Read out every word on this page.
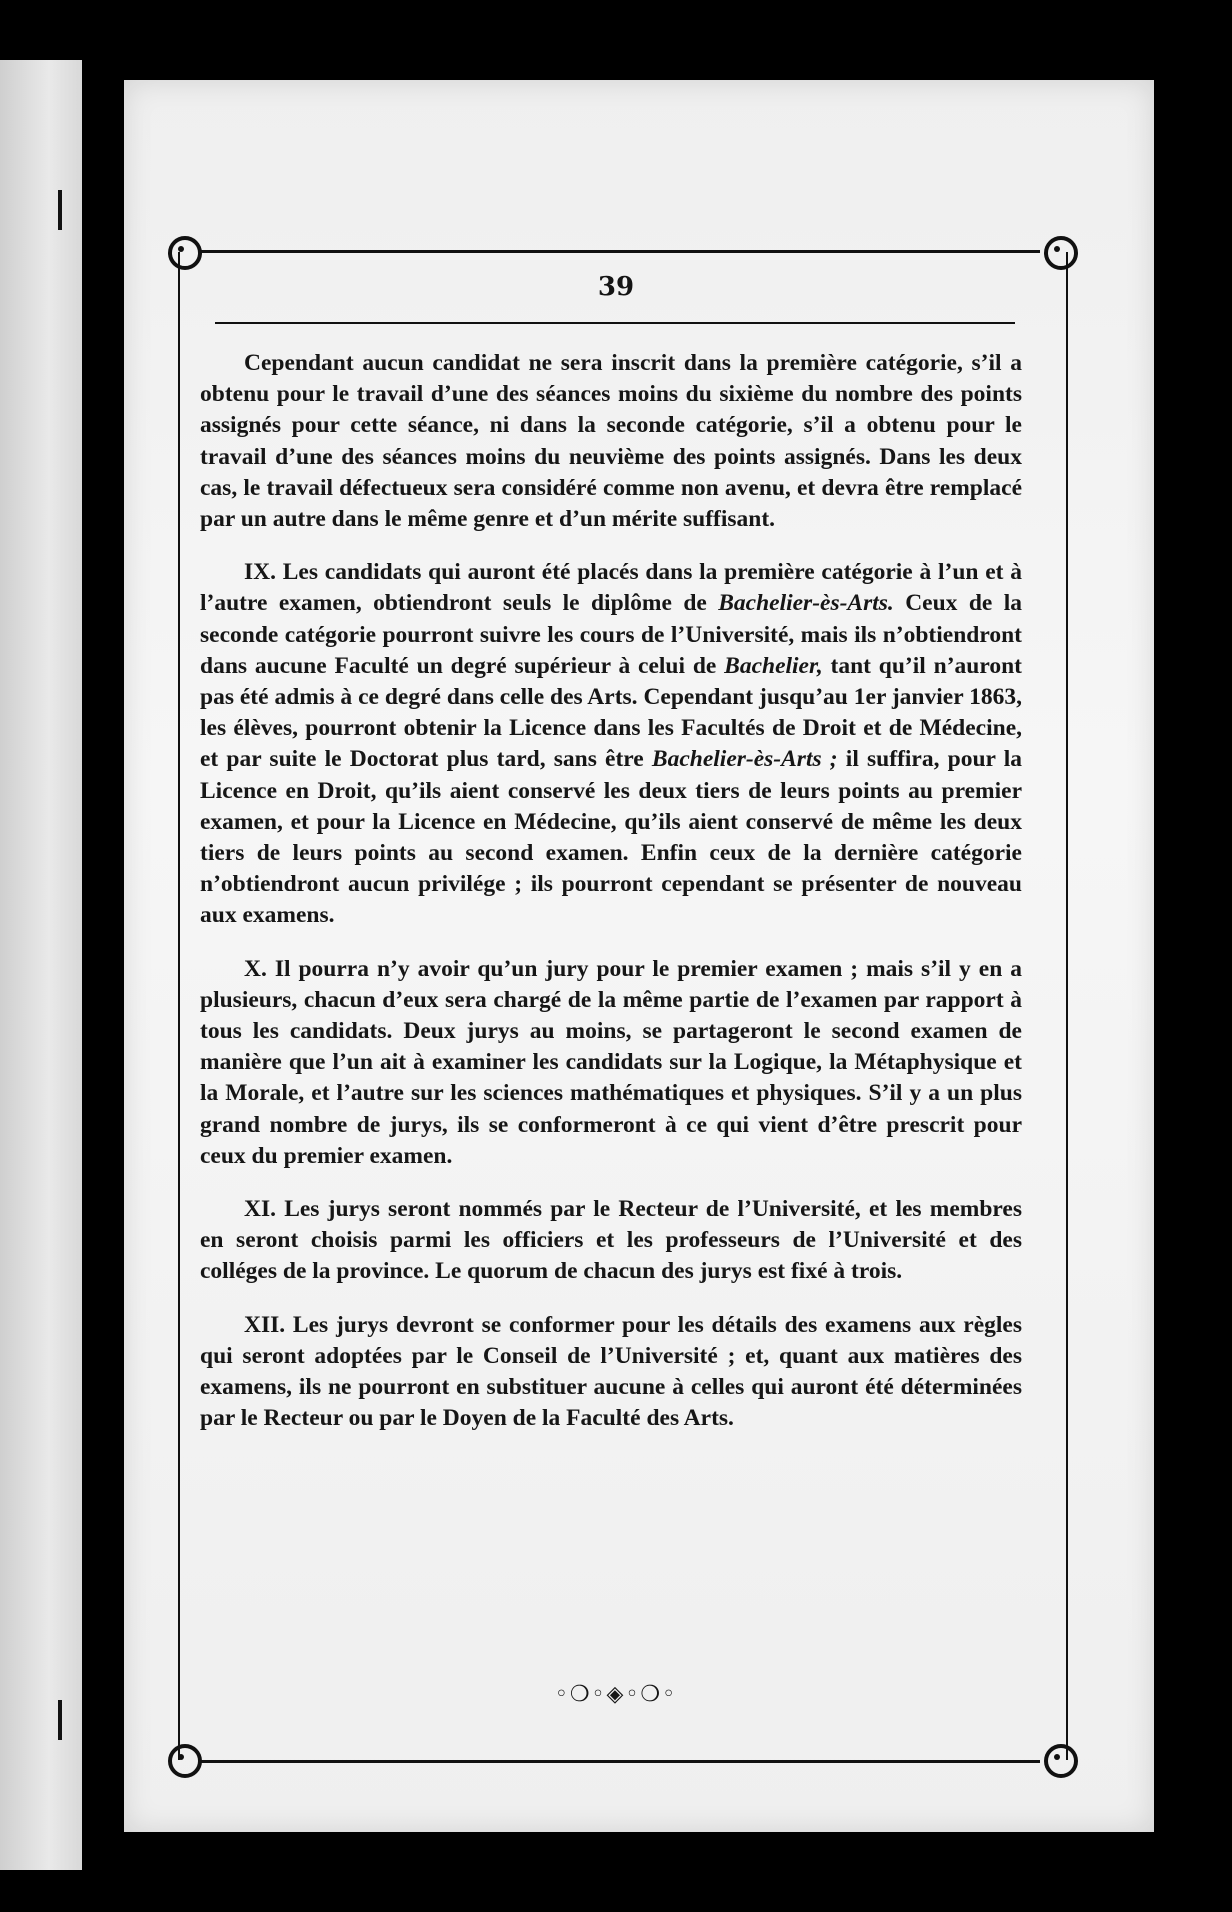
39

Cependant aucun candidat ne sera inscrit dans la première catégorie, s’il a obtenu pour le travail d’une des séances moins du sixième du nombre des points assignés pour cette séance, ni dans la seconde catégorie, s’il a obtenu pour le travail d’une des séances moins du neuvième des points assignés. Dans les deux cas, le travail défectueux sera considéré comme non avenu, et devra être remplacé par un autre dans le même genre et d’un mérite suffisant.

IX. Les candidats qui auront été placés dans la première catégorie à l’un et à l’autre examen, obtiendront seuls le diplôme de Bachelier-ès-Arts. Ceux de la seconde catégorie pourront suivre les cours de l’Université, mais ils n’obtiendront dans aucune Faculté un degré supérieur à celui de Bachelier, tant qu’il n’auront pas été admis à ce degré dans celle des Arts. Cependant jusqu’au 1er janvier 1863, les élèves, pourront obtenir la Licence dans les Facultés de Droit et de Médecine, et par suite le Doctorat plus tard, sans être Bachelier-ès-Arts ; il suffira, pour la Licence en Droit, qu’ils aient conservé les deux tiers de leurs points au premier examen, et pour la Licence en Médecine, qu’ils aient conservé de même les deux tiers de leurs points au second examen. Enfin ceux de la dernière catégorie n’obtiendront aucun privilége ; ils pourront cependant se présenter de nouveau aux examens.

X. Il pourra n’y avoir qu’un jury pour le premier examen ; mais s’il y en a plusieurs, chacun d’eux sera chargé de la même partie de l’examen par rapport à tous les candidats. Deux jurys au moins, se partageront le second examen de manière que l’un ait à examiner les candidats sur la Logique, la Métaphysique et la Morale, et l’autre sur les sciences mathématiques et physiques. S’il y a un plus grand nombre de jurys, ils se conformeront à ce qui vient d’être prescrit pour ceux du premier examen.

XI. Les jurys seront nommés par le Recteur de l’Université, et les membres en seront choisis parmi les officiers et les professeurs de l’Université et des colléges de la province. Le quorum de chacun des jurys est fixé à trois.

XII. Les jurys devront se conformer pour les détails des examens aux règles qui seront adoptées par le Conseil de l’Université ; et, quant aux matières des examens, ils ne pourront en substituer aucune à celles qui auront été déterminées par le Recteur ou par le Doyen de la Faculté des Arts.

◦❍◦◈◦❍◦
